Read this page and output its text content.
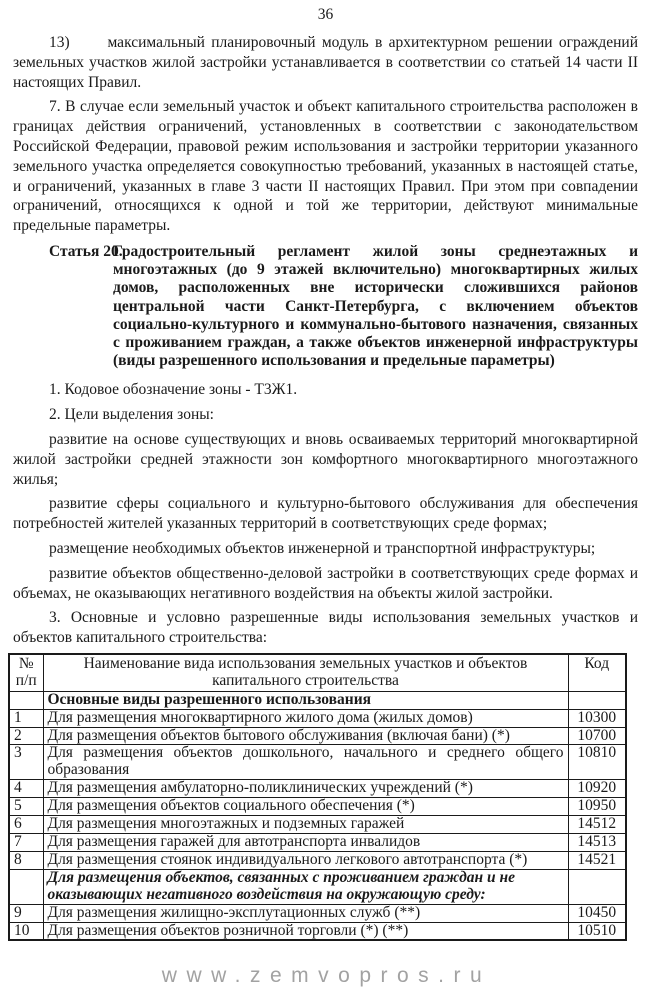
36

13)      максимальный планировочный модуль в архитектурном решении ограждений земельных участков жилой застройки устанавливается в соответствии со статьей 14 части II настоящих Правил.

7. В случае если земельный участок и объект капитального строительства расположен в границах действия ограничений, установленных в соответствии с законодательством Российской Федерации, правовой режим использования и застройки территории указанного земельного участка определяется совокупностью требований, указанных в настоящей статье, и ограничений, указанных в главе 3 части II настоящих Правил. При этом при совпадении ограничений, относящихся к одной и той же территории, действуют минимальные предельные параметры.

Статья 20.
Градостроительный регламент жилой зоны среднеэтажных и многоэтажных (до 9 этажей включительно) многоквартирных жилых домов, расположенных вне исторически сложившихся районов центральной части Санкт-Петербурга, с включением объектов социально-культурного и коммунально-бытового назначения, связанных с проживанием граждан, а также объектов инженерной инфраструктуры (виды разрешенного использования и предельные параметры)

1. Кодовое обозначение зоны - Т3Ж1.

2. Цели выделения зоны:

развитие на основе существующих и вновь осваиваемых территорий многоквартирной жилой застройки средней этажности зон комфортного многоквартирного многоэтажного жилья;

развитие сферы социального и культурно-бытового обслуживания для обеспечения потребностей жителей указанных территорий в соответствующих среде формах;

размещение необходимых объектов инженерной и транспортной инфраструктуры;

развитие объектов общественно-деловой застройки в соответствующих среде формах и объемах, не оказывающих негативного воздействия на объекты жилой застройки.

3. Основные и условно разрешенные виды использования земельных участков и объектов капитального строительства:

№ п/п	Наименование вида использования земельных участков и объектов капитального строительства	Код
	Основные виды разрешенного использования	
1	Для размещения многоквартирного жилого дома (жилых домов)	10300
2	Для размещения объектов бытового обслуживания (включая бани) (*)	10700
3	Для размещения объектов дошкольного, начального и среднего общего образования	10810
4	Для размещения амбулаторно-поликлинических учреждений (*)	10920
5	Для размещения объектов социального обеспечения (*)	10950
6	Для размещения многоэтажных и подземных гаражей	14512
7	Для размещения гаражей для автотранспорта инвалидов	14513
8	Для размещения стоянок индивидуального легкового автотранспорта (*)	14521
	Для размещения объектов, связанных с проживанием граждан и не оказывающих негативного воздействия на окружающую среду:	
9	Для размещения жилищно-эксплутационных служб (**)	10450
10	Для размещения объектов розничной торговли (*) (**)	10510
www.zemvopros.ru
